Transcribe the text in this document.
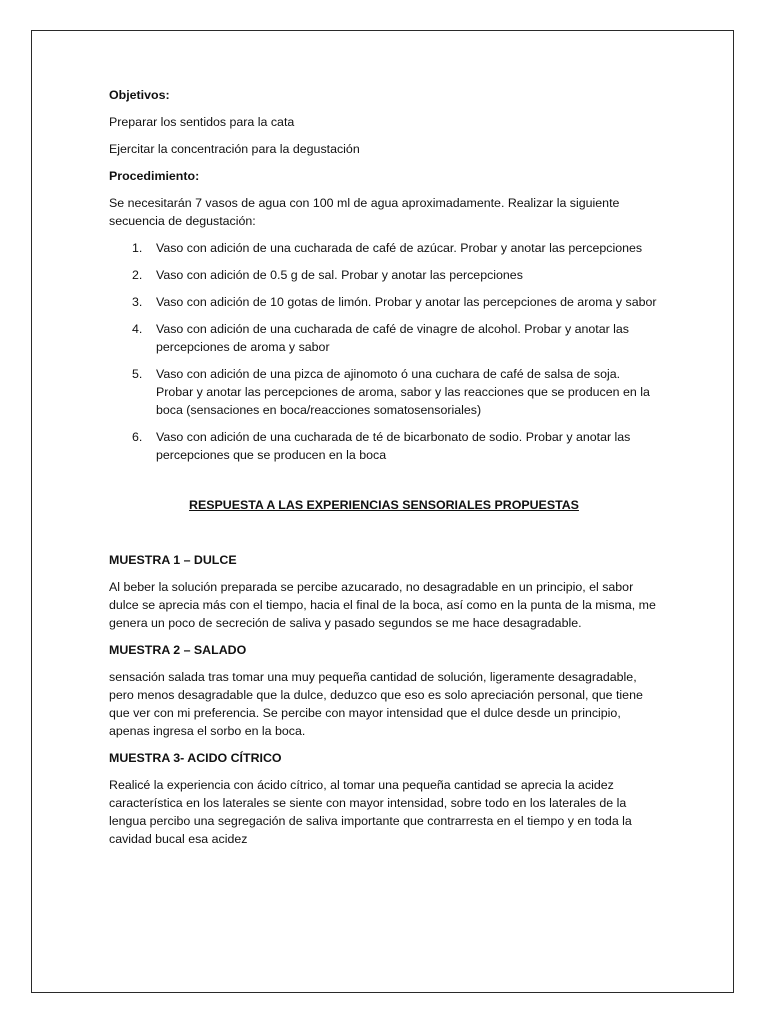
Objetivos:
Preparar los sentidos para la cata
Ejercitar la concentración para la degustación
Procedimiento:
Se necesitarán 7 vasos de agua con 100 ml de agua aproximadamente. Realizar la siguiente secuencia de degustación:
1. Vaso con adición de una cucharada de café de azúcar. Probar y anotar las percepciones
2. Vaso con adición de 0.5 g de sal. Probar y anotar las percepciones
3. Vaso con adición de 10 gotas de limón. Probar y anotar las percepciones de aroma y sabor
4. Vaso con adición de una cucharada de café de vinagre de alcohol. Probar y anotar las percepciones de aroma y sabor
5. Vaso con adición de una pizca de ajinomoto ó una cuchara de café de salsa de soja. Probar y anotar las percepciones de aroma, sabor y las reacciones que se producen en la boca (sensaciones en boca/reacciones somatosensoriales)
6. Vaso con adición de una cucharada de té de bicarbonato de sodio. Probar y anotar las percepciones que se producen en la boca
RESPUESTA A LAS EXPERIENCIAS SENSORIALES PROPUESTAS
MUESTRA 1 – DULCE
Al beber la solución preparada se percibe azucarado, no desagradable en un principio, el sabor dulce se aprecia más con el tiempo, hacia el final de la boca, así como en la punta de la misma, me genera un poco de secreción de saliva y pasado segundos se me hace desagradable.
MUESTRA 2 – SALADO
sensación salada tras tomar una muy pequeña cantidad de solución, ligeramente desagradable, pero menos desagradable que la dulce, deduzco que eso es solo apreciación personal, que tiene que ver con mi preferencia. Se percibe con mayor intensidad que el dulce desde un principio, apenas ingresa el sorbo en la boca.
MUESTRA 3- ACIDO CÍTRICO
Realicé la experiencia con ácido cítrico, al tomar una pequeña cantidad se aprecia la acidez característica en los laterales se siente con mayor intensidad, sobre todo en los laterales de la lengua percibo una segregación de saliva importante que contrarresta en el tiempo y en toda la cavidad bucal esa acidez
